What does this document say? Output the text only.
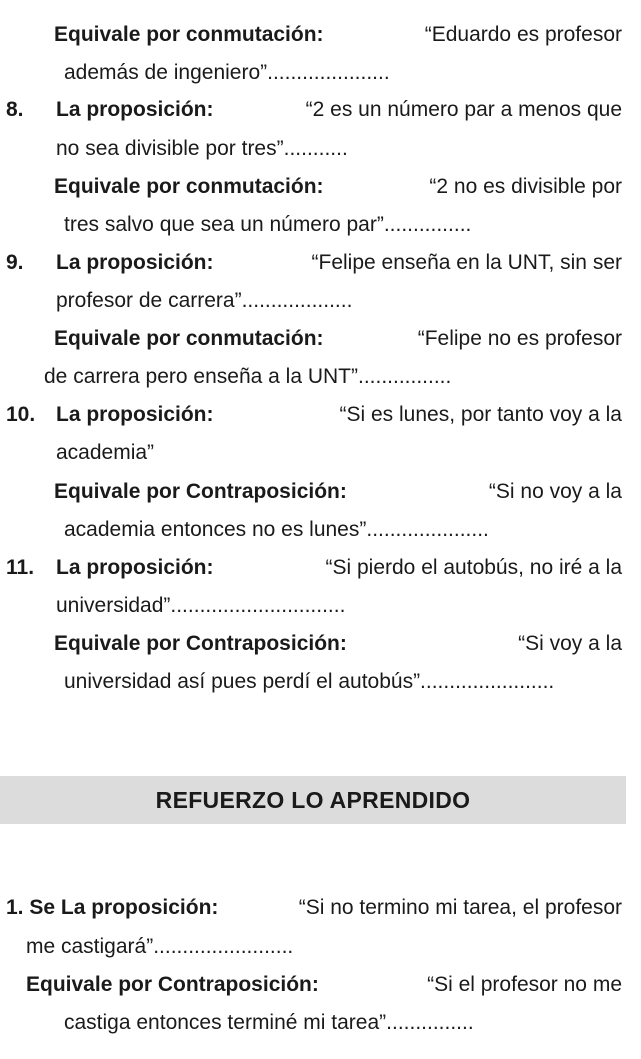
Equivale por conmutación:	“Eduardo es profesor
además de ingeniero”.....................
8. La proposición:	“2 es un número par a menos que
no sea divisible por tres”...........
Equivale por conmutación:	“2 no es divisible por
tres salvo que sea un número par”...............
9. La proposición:	“Felipe enseña en la UNT, sin ser
profesor de carrera”...................
Equivale por conmutación:	“Felipe no es profesor
de carrera pero enseña a la UNT”................
10. La proposición:	“Si es lunes, por tanto voy a la
academia”
Equivale por Contraposición:	“Si no voy a la
academia entonces no es lunes”.....................
11. La proposición:	“Si pierdo el autobús, no iré a la
universidad”..............................
Equivale por Contraposición:	“Si voy a la
universidad así pues perdí el autobús”.......................
REFUERZO LO APRENDIDO
1. Se La proposición:	“Si no termino mi tarea, el profesor
me castigará”........................
Equivale por Contraposición:	“Si el profesor no me
castiga entonces terminé mi tarea”...............
